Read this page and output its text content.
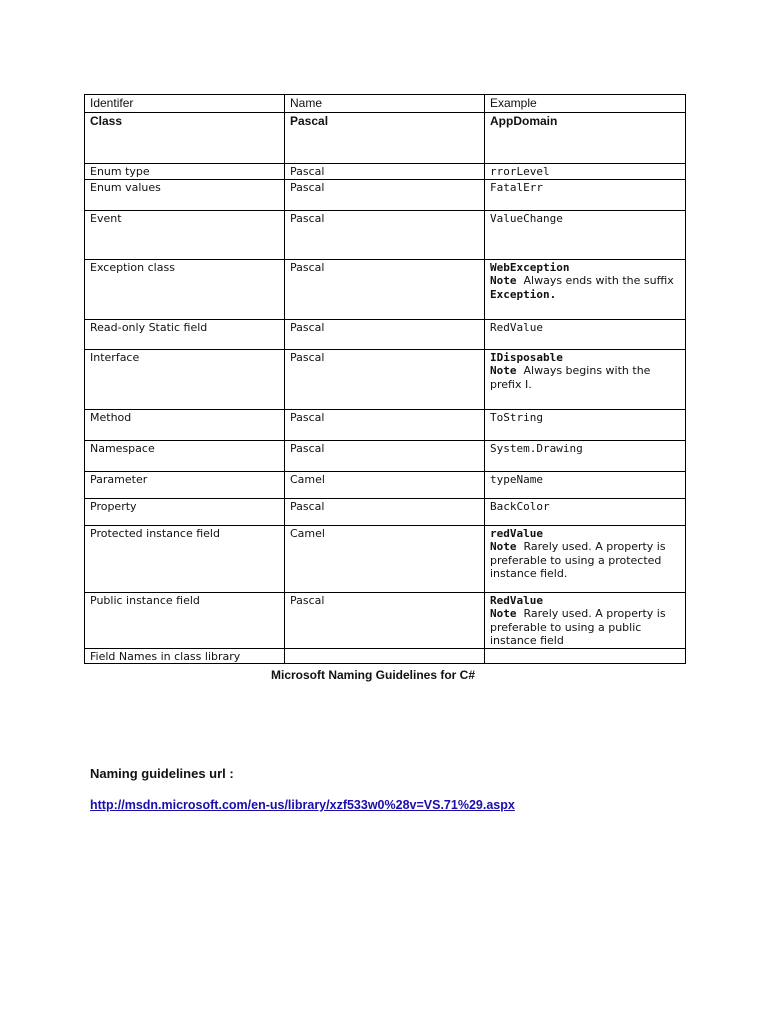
Identifer	Name	Example
Class	Pascal	AppDomain
Enum type	Pascal	rrorLevel
Enum values	Pascal	FatalErr
Event	Pascal	ValueChange
Exception class	Pascal	WebException
Note Always ends with the suffix
Exception.

Read-only Static field	Pascal	RedValue
Interface	Pascal	IDisposable
Note Always begins with the prefix I.

Method	Pascal	ToString
Namespace	Pascal	System.Drawing
Parameter	Camel	typeName
Property	Pascal	BackColor
Protected instance field	Camel	redValue
Note Rarely used. A property is preferable to using a protected instance field.

Public instance field	Pascal	RedValue
Note Rarely used. A property is preferable to using a public instance field

Field Names in class library		
Microsoft Naming Guidelines for C#
Naming guidelines url :
http://msdn.microsoft.com/en-us/library/xzf533w0%28v=VS.71%29.aspx
